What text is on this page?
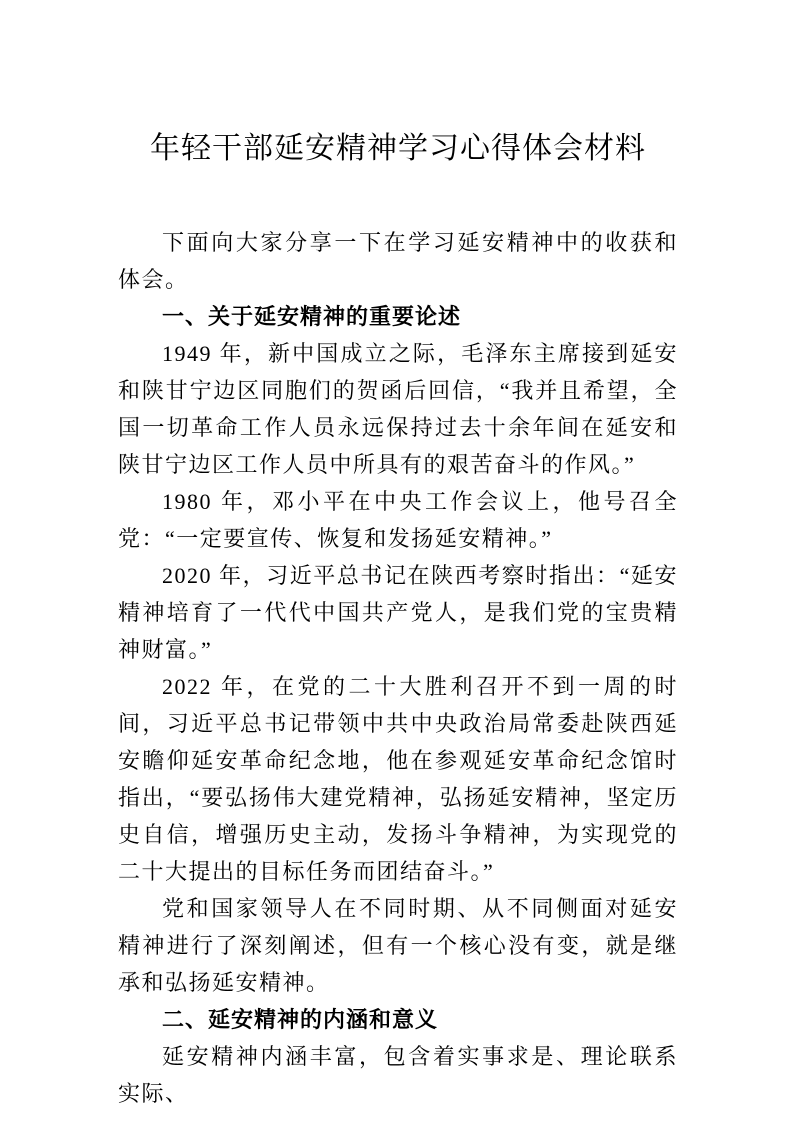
年轻干部延安精神学习心得体会材料

下面向大家分享一下在学习延安精神中的收获和体会。

一、关于延安精神的重要论述

1949 年，新中国成立之际，毛泽东主席接到延安和陕甘宁边区同胞们的贺函后回信，“我并且希望，全国一切革命工作人员永远保持过去十余年间在延安和陕甘宁边区工作人员中所具有的艰苦奋斗的作风。”

1980 年，邓小平在中央工作会议上，他号召全党：“一定要宣传、恢复和发扬延安精神。”

2020 年，习近平总书记在陕西考察时指出：“延安精神培育了一代代中国共产党人，是我们党的宝贵精神财富。”

2022 年，在党的二十大胜利召开不到一周的时间，习近平总书记带领中共中央政治局常委赴陕西延安瞻仰延安革命纪念地，他在参观延安革命纪念馆时指出，“要弘扬伟大建党精神，弘扬延安精神，坚定历史自信，增强历史主动，发扬斗争精神，为实现党的二十大提出的目标任务而团结奋斗。”

党和国家领导人在不同时期、从不同侧面对延安精神进行了深刻阐述，但有一个核心没有变，就是继承和弘扬延安精神。

二、延安精神的内涵和意义

延安精神内涵丰富，包含着实事求是、理论联系实际、
